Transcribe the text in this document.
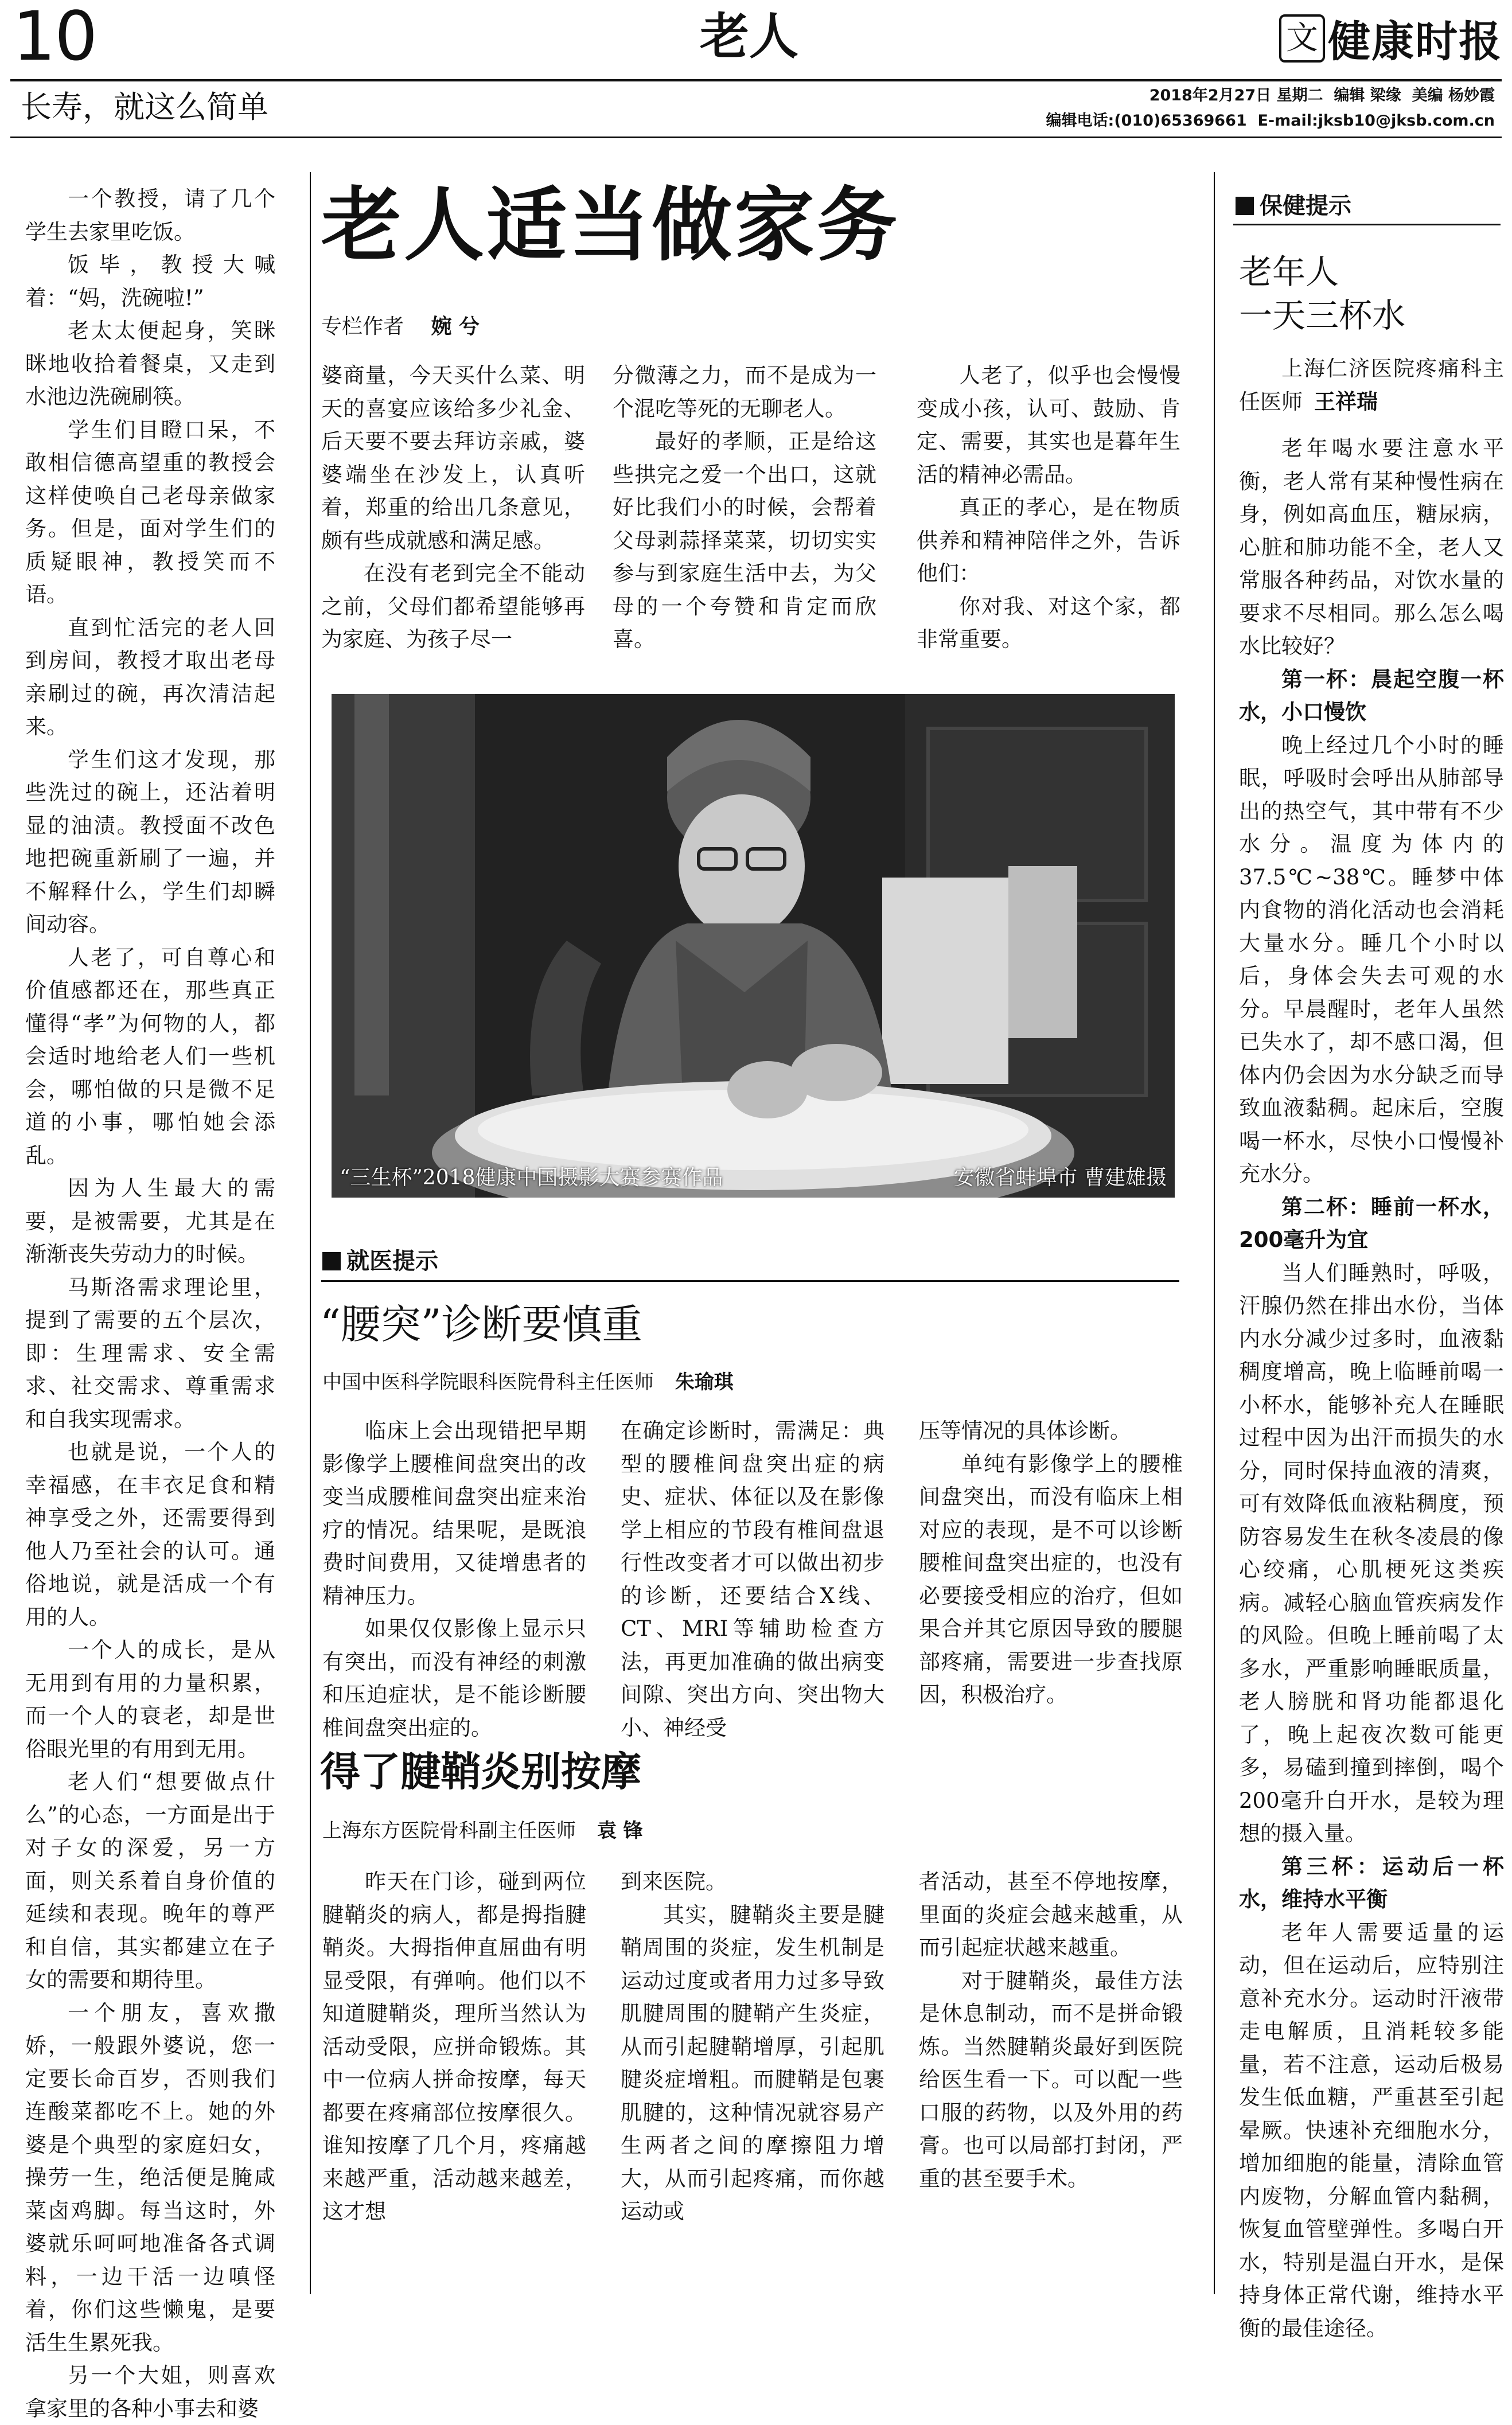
10	老人	文 健康时报
长寿，就这么简单	2018年2月27日 星期二  编辑 梁缘  美编 杨妙霞
编辑电话:(010)65369661  E-mail:jksb10@jksb.com.cn

一个教授，请了几个学生去家里吃饭。

饭毕，教授大喊着：“妈，洗碗啦!”

老太太便起身，笑眯眯地收拾着餐桌，又走到水池边洗碗刷筷。

学生们目瞪口呆，不敢相信德高望重的教授会这样使唤自己老母亲做家务。但是，面对学生们的质疑眼神，教授笑而不语。

直到忙活完的老人回到房间，教授才取出老母亲刷过的碗，再次清洁起来。

学生们这才发现，那些洗过的碗上，还沾着明显的油渍。教授面不改色地把碗重新刷了一遍，并不解释什么，学生们却瞬间动容。

人老了，可自尊心和价值感都还在，那些真正懂得“孝”为何物的人，都会适时地给老人们一些机会，哪怕做的只是微不足道的小事，哪怕她会添乱。

因为人生最大的需要，是被需要，尤其是在渐渐丧失劳动力的时候。

马斯洛需求理论里，提到了需要的五个层次，即：生理需求、安全需求、社交需求、尊重需求和自我实现需求。

也就是说，一个人的幸福感，在丰衣足食和精神享受之外，还需要得到他人乃至社会的认可。通俗地说，就是活成一个有用的人。

一个人的成长，是从无用到有用的力量积累，而一个人的衰老，却是世俗眼光里的有用到无用。

老人们“想要做点什么”的心态，一方面是出于对子女的深爱，另一方面，则关系着自身价值的延续和表现。晚年的尊严和自信，其实都建立在子女的需要和期待里。

一个朋友，喜欢撒娇，一般跟外婆说，您一定要长命百岁，否则我们连酸菜都吃不上。她的外婆是个典型的家庭妇女，操劳一生，绝活便是腌咸菜卤鸡脚。每当这时，外婆就乐呵呵地准备各式调料，一边干活一边嗔怪着，你们这些懒鬼，是要活生生累死我。

另一个大姐，则喜欢拿家里的各种小事去和婆

老人适当做家务
专栏作者 婉 兮

婆商量，今天买什么菜、明天的喜宴应该给多少礼金、后天要不要去拜访亲戚，婆婆端坐在沙发上，认真听着，郑重的给出几条意见，颇有些成就感和满足感。

在没有老到完全不能动之前，父母们都希望能够再为家庭、为孩子尽一

分微薄之力，而不是成为一个混吃等死的无聊老人。

最好的孝顺，正是给这些拱完之爱一个出口，这就好比我们小的时候，会帮着父母剥蒜择菜菜，切切实实参与到家庭生活中去，为父母的一个夸赞和肯定而欣喜。

人老了，似乎也会慢慢变成小孩，认可、鼓励、肯定、需要，其实也是暮年生活的精神必需品。

真正的孝心，是在物质供养和精神陪伴之外，告诉他们：

你对我、对这个家，都非常重要。

“三生杯”2018健康中国摄影大赛参赛作品	安徽省蚌埠市 曹建雄摄
就医提示
“腰突”诊断要慎重
中国中医科学院眼科医院骨科主任医师 朱瑜琪

临床上会出现错把早期影像学上腰椎间盘突出的改变当成腰椎间盘突出症来治疗的情况。结果呢，是既浪费时间费用，又徒增患者的精神压力。

如果仅仅影像上显示只有突出，而没有神经的刺激和压迫症状，是不能诊断腰椎间盘突出症的。

在确定诊断时，需满足：典型的腰椎间盘突出症的病史、症状、体征以及在影像学上相应的节段有椎间盘退行性改变者才可以做出初步的诊断，还要结合X线、CT、MRI等辅助检查方法，再更加准确的做出病变间隙、突出方向、突出物大小、神经受

压等情况的具体诊断。

单纯有影像学上的腰椎间盘突出，而没有临床上相对应的表现，是不可以诊断腰椎间盘突出症的，也没有必要接受相应的治疗，但如果合并其它原因导致的腰腿部疼痛，需要进一步查找原因，积极治疗。

得了腱鞘炎别按摩
上海东方医院骨科副主任医师 袁 锋

昨天在门诊，碰到两位腱鞘炎的病人，都是拇指腱鞘炎。大拇指伸直屈曲有明显受限，有弹响。他们以不知道腱鞘炎，理所当然认为活动受限，应拼命锻炼。其中一位病人拼命按摩，每天都要在疼痛部位按摩很久。谁知按摩了几个月，疼痛越来越严重，活动越来越差，这才想

到来医院。

其实，腱鞘炎主要是腱鞘周围的炎症，发生机制是运动过度或者用力过多导致肌腱周围的腱鞘产生炎症，从而引起腱鞘增厚，引起肌腱炎症增粗。而腱鞘是包裹肌腱的，这种情况就容易产生两者之间的摩擦阻力增大，从而引起疼痛，而你越运动或

者活动，甚至不停地按摩，里面的炎症会越来越重，从而引起症状越来越重。

对于腱鞘炎，最佳方法是休息制动，而不是拼命锻炼。当然腱鞘炎最好到医院给医生看一下。可以配一些口服的药物，以及外用的药膏。也可以局部打封闭，严重的甚至要手术。

保健提示
老年人
一天三杯水

上海仁济医院疼痛科主任医师 王祥瑞

老年喝水要注意水平衡，老人常有某种慢性病在身，例如高血压，糖尿病，心脏和肺功能不全，老人又常服各种药品，对饮水量的要求不尽相同。那么怎么喝水比较好？

第一杯：晨起空腹一杯水，小口慢饮

晚上经过几个小时的睡眠，呼吸时会呼出从肺部导出的热空气，其中带有不少水分。温度为体内的37.5℃~38℃。睡梦中体内食物的消化活动也会消耗大量水分。睡几个小时以后，身体会失去可观的水分。早晨醒时，老年人虽然已失水了，却不感口渴，但体内仍会因为水分缺乏而导致血液黏稠。起床后，空腹喝一杯水，尽快小口慢慢补充水分。

第二杯：睡前一杯水，200毫升为宜

当人们睡熟时，呼吸，汗腺仍然在排出水份，当体内水分减少过多时，血液黏稠度增高，晚上临睡前喝一小杯水，能够补充人在睡眠过程中因为出汗而损失的水分，同时保持血液的清爽，可有效降低血液粘稠度，预防容易发生在秋冬凌晨的像心绞痛，心肌梗死这类疾病。减轻心脑血管疾病发作的风险。但晚上睡前喝了太多水，严重影响睡眠质量，老人膀胱和肾功能都退化了，晚上起夜次数可能更多，易磕到撞到摔倒，喝个200毫升白开水，是较为理想的摄入量。

第三杯：运动后一杯水，维持水平衡

老年人需要适量的运动，但在运动后，应特别注意补充水分。运动时汗液带走电解质，且消耗较多能量，若不注意，运动后极易发生低血糖，严重甚至引起晕厥。快速补充细胞水分，增加细胞的能量，清除血管内废物，分解血管内黏稠，恢复血管壁弹性。多喝白开水，特别是温白开水，是保持身体正常代谢，维持水平衡的最佳途径。
